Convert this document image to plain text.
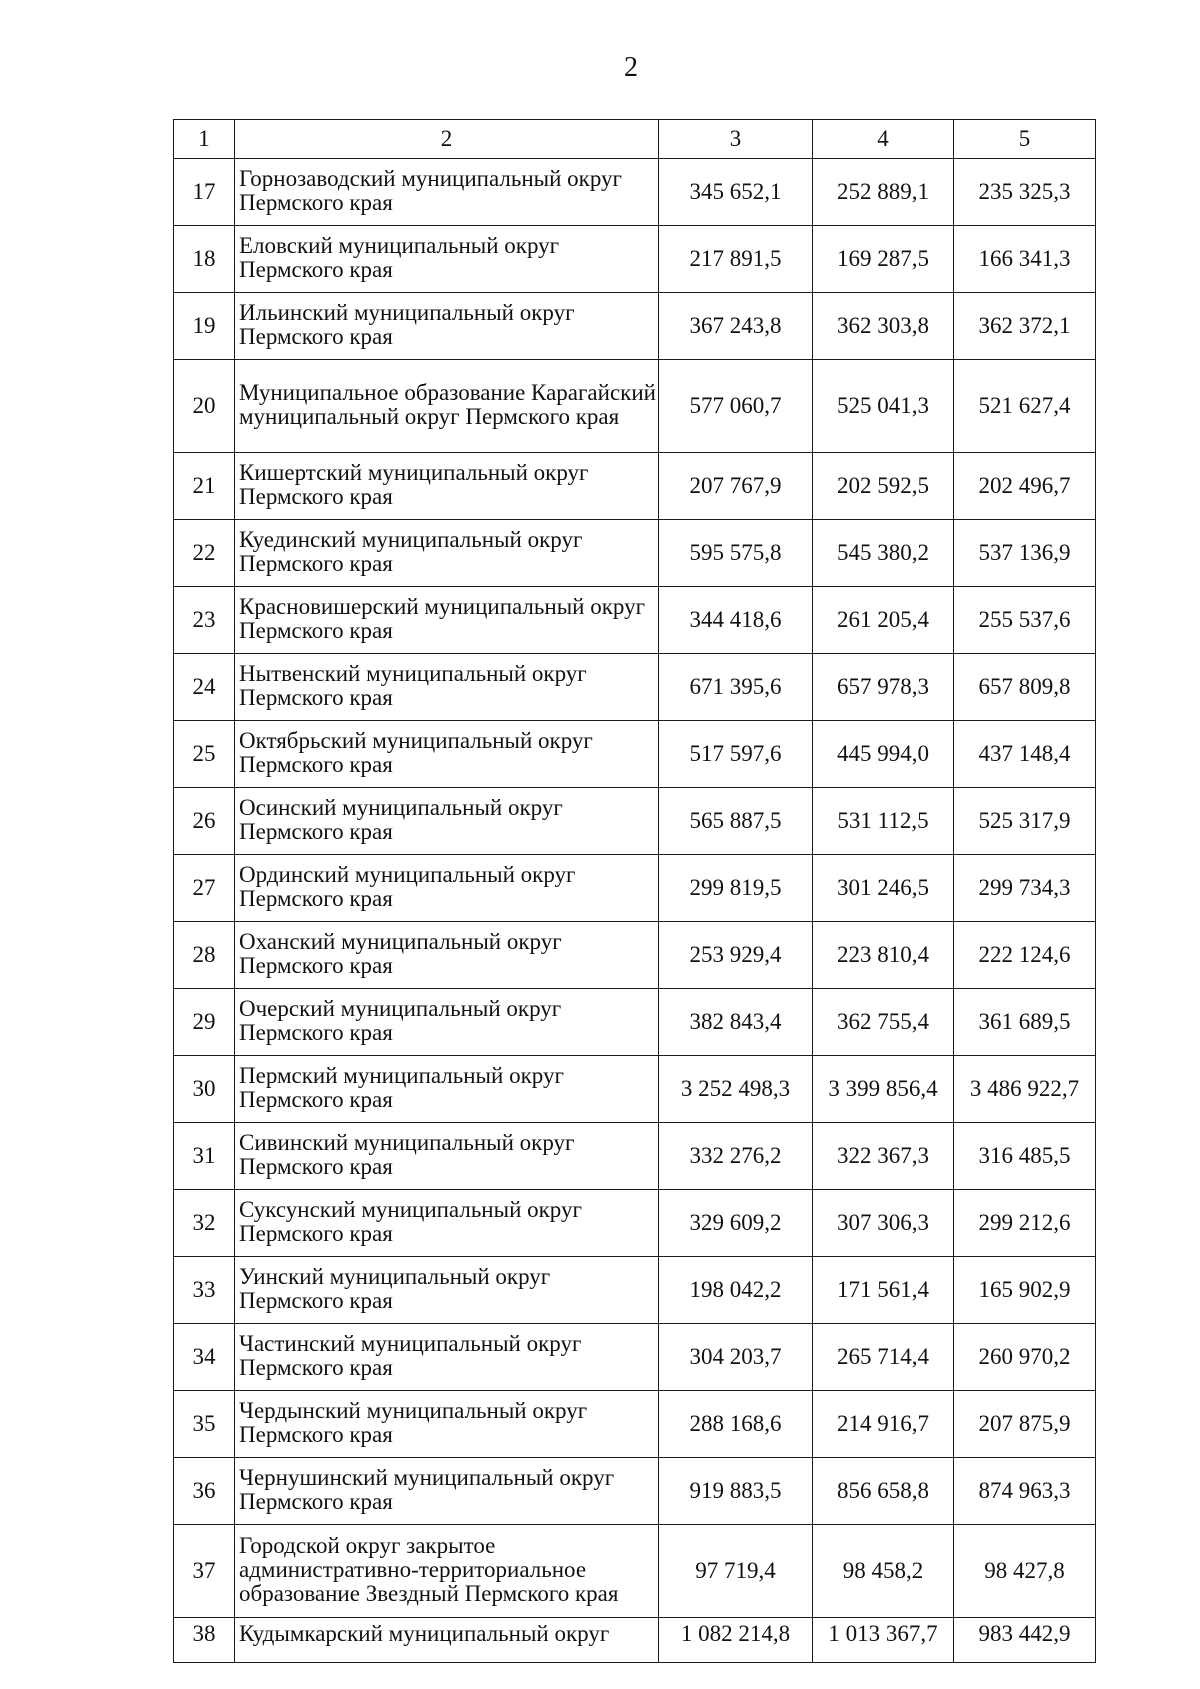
2
1	2	3	4	5
17	Горнозаводский муниципальный округ Пермского края	345 652,1	252 889,1	235 325,3
18	Еловский муниципальный округ Пермского края	217 891,5	169 287,5	166 341,3
19	Ильинский муниципальный округ Пермского края	367 243,8	362 303,8	362 372,1
20	Муниципальное образование Карагайский муниципальный округ Пермского края	577 060,7	525 041,3	521 627,4
21	Кишертский муниципальный округ Пермского края	207 767,9	202 592,5	202 496,7
22	Куединский муниципальный округ Пермского края	595 575,8	545 380,2	537 136,9
23	Красновишерский муниципальный округ Пермского края	344 418,6	261 205,4	255 537,6
24	Нытвенский муниципальный округ Пермского края	671 395,6	657 978,3	657 809,8
25	Октябрьский муниципальный округ Пермского края	517 597,6	445 994,0	437 148,4
26	Осинский муниципальный округ Пермского края	565 887,5	531 112,5	525 317,9
27	Ординский муниципальный округ Пермского края	299 819,5	301 246,5	299 734,3
28	Оханский муниципальный округ Пермского края	253 929,4	223 810,4	222 124,6
29	Очерский муниципальный округ Пермского края	382 843,4	362 755,4	361 689,5
30	Пермский муниципальный округ Пермского края	3 252 498,3	3 399 856,4	3 486 922,7
31	Сивинский муниципальный округ Пермского края	332 276,2	322 367,3	316 485,5
32	Суксунский муниципальный округ Пермского края	329 609,2	307 306,3	299 212,6
33	Уинский муниципальный округ Пермского края	198 042,2	171 561,4	165 902,9
34	Частинский муниципальный округ Пермского края	304 203,7	265 714,4	260 970,2
35	Чердынский муниципальный округ Пермского края	288 168,6	214 916,7	207 875,9
36	Чернушинский муниципальный округ Пермского края	919 883,5	856 658,8	874 963,3
37	Городской округ закрытое административно-территориальное образование Звездный Пермского края	97 719,4	98 458,2	98 427,8
38	Кудымкарский муниципальный округ	1 082 214,8	1 013 367,7	983 442,9
